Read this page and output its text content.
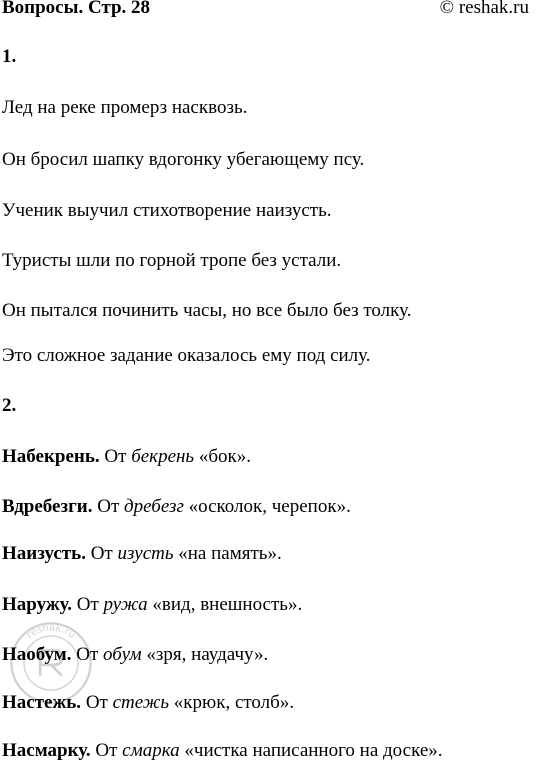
Вопросы. Стр. 28	© reshak.ru
1.
Лед на реке промерз насквозь.
Он бросил шапку вдогонку убегающему псу.
Ученик выучил стихотворение наизусть.
Туристы шли по горной тропе без устали.
Он пытался починить часы, но все было без толку.
Это сложное задание оказалось ему под силу.
2.
Набекрень. От бекрень «бок».
Вдребезги. От дребезг «осколок, черепок».
Наизусть. От изусть «на память».
Наружу. От ружа «вид, внешность».
Наобум. От обум «зря, наудачу».
Настежь. От стежь «крюк, столб».
Насмарку. От смарка «чистка написанного на доске».
reshak.ru
